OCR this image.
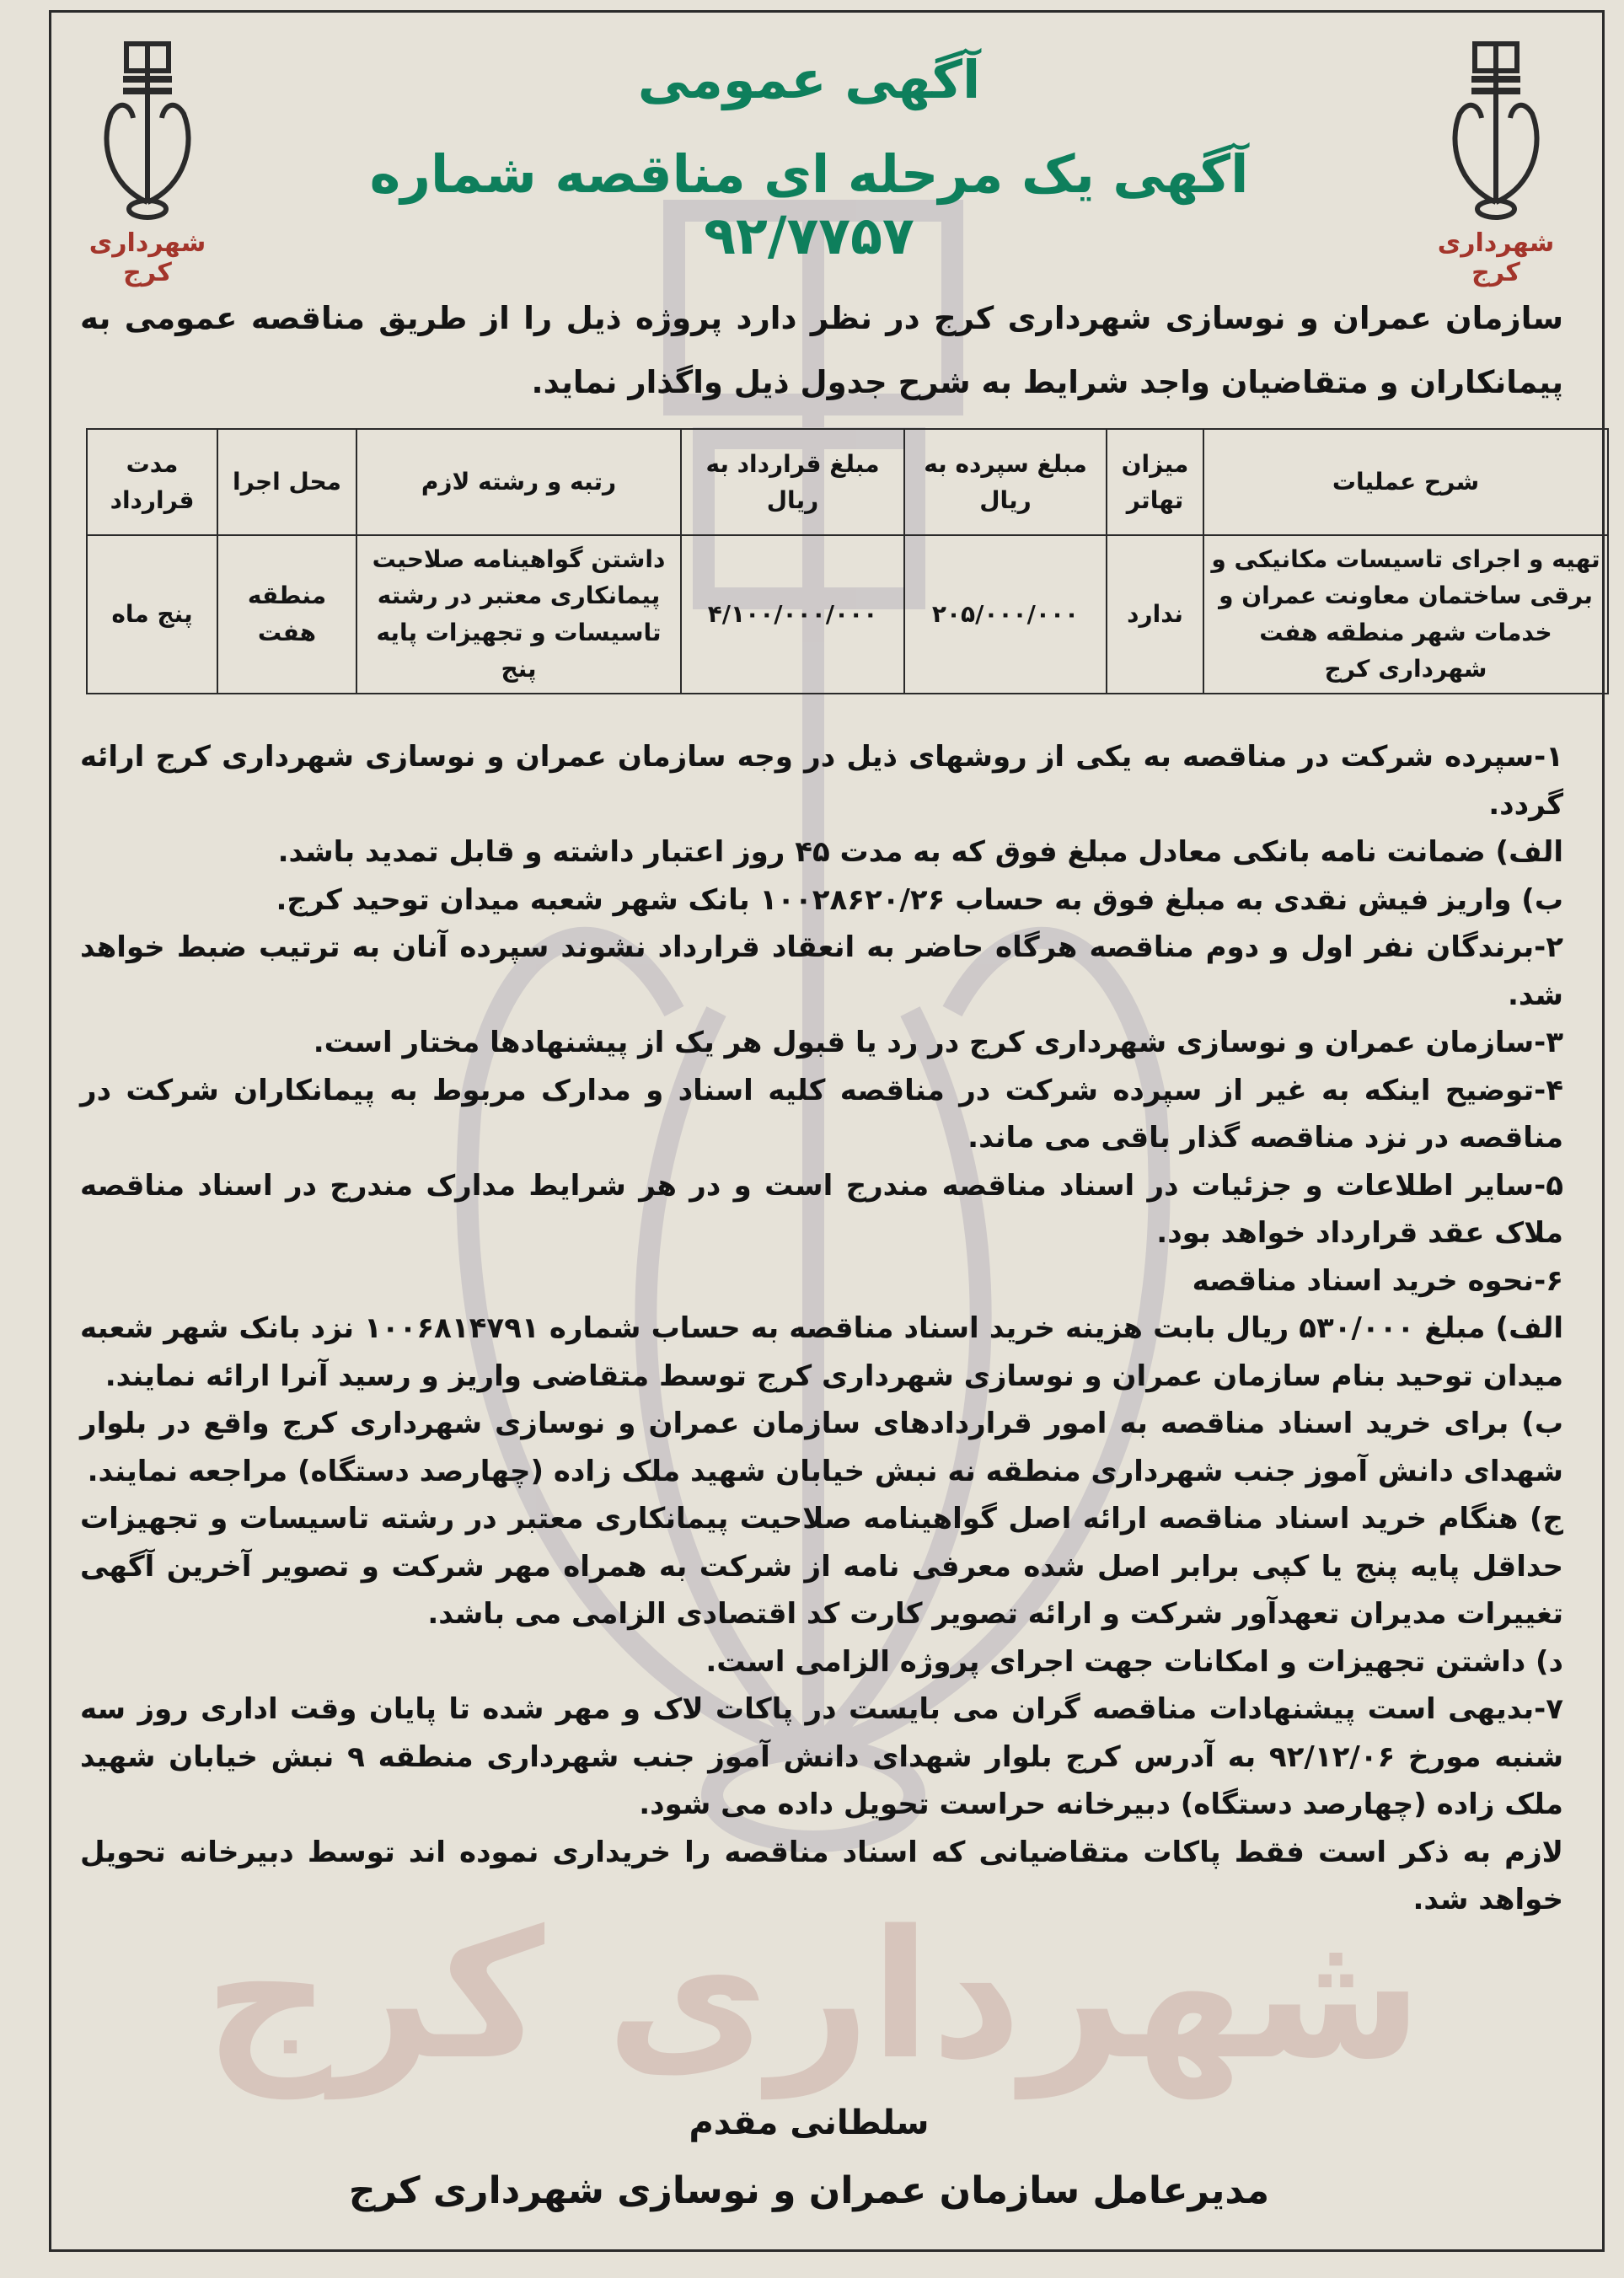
شهرداری کرج
شهرداری کرج
شهرداری کرج
آگهی عمومی
آگهی یک مرحله ای مناقصه شماره ۹۲/۷۷۵۷
سازمان عمران و نوسازی شهرداری کرج در نظر دارد پروژه ذیل را از طریق مناقصه عمومی به پیمانکاران و متقاضیان واجد شرایط به شرح جدول ذیل واگذار نماید.
شرح عملیات	میزان تهاتر	مبلغ سپرده به ریال	مبلغ قرارداد به ریال	رتبه و رشته لازم	محل اجرا	مدت قرارداد
تهیه و اجرای تاسیسات مکانیکی و برقی ساختمان معاونت عمران و خدمات شهر منطقه هفت شهرداری کرج	ندارد	۲۰۵/۰۰۰/۰۰۰	۴/۱۰۰/۰۰۰/۰۰۰	داشتن گواهینامه صلاحیت پیمانکاری معتبر در رشته تاسیسات و تجهیزات پایه پنج	منطقه هفت	پنج ماه

۱-سپرده شرکت در مناقصه به یکی از روشهای ذیل در وجه سازمان عمران و نوسازی شهرداری کرج ارائه گردد.

الف) ضمانت نامه بانکی معادل مبلغ فوق که به مدت ۴۵ روز اعتبار داشته و قابل تمدید باشد.

ب) واریز فیش نقدی به مبلغ فوق به حساب ۱۰۰۲۸۶۲۰/۲۶ بانک شهر شعبه میدان توحید کرج.

۲-برندگان نفر اول و دوم مناقصه هرگاه حاضر به انعقاد قرارداد نشوند سپرده آنان به ترتیب ضبط خواهد شد.

۳-سازمان عمران و نوسازی شهرداری کرج در رد یا قبول هر یک از پیشنهادها مختار است.

۴-توضیح اینکه به غیر از سپرده شرکت در مناقصه کلیه اسناد و مدارک مربوط به پیمانکاران شرکت در مناقصه در نزد مناقصه گذار باقی می ماند.

۵-سایر اطلاعات و جزئیات در اسناد مناقصه مندرج است و در هر شرایط مدارک مندرج در اسناد مناقصه ملاک عقد قرارداد خواهد بود.

۶-نحوه خرید اسناد مناقصه

الف) مبلغ ۵۳۰/۰۰۰ ریال بابت هزینه خرید اسناد مناقصه به حساب شماره ۱۰۰۶۸۱۴۷۹۱ نزد بانک شهر شعبه میدان توحید بنام سازمان عمران و نوسازی شهرداری کرج توسط متقاضی واریز و رسید آنرا ارائه نمایند.

ب) برای خرید اسناد مناقصه به امور قراردادهای سازمان عمران و نوسازی شهرداری کرج واقع در بلوار شهدای دانش آموز جنب شهرداری منطقه نه نبش خیابان شهید ملک زاده (چهارصد دستگاه) مراجعه نمایند.

ج) هنگام خرید اسناد مناقصه ارائه اصل گواهینامه صلاحیت پیمانکاری معتبر در رشته تاسیسات و تجهیزات حداقل پایه پنج یا کپی برابر اصل شده معرفی نامه از شرکت به همراه مهر شرکت و تصویر آخرین آگهی تغییرات مدیران تعهدآور شرکت و ارائه تصویر کارت کد اقتصادی الزامی می باشد.

د) داشتن تجهیزات و امکانات جهت اجرای پروژه الزامی است.

۷-بدیهی است پیشنهادات مناقصه گران می بایست در پاکات لاک و مهر شده تا پایان وقت اداری روز سه شنبه مورخ ۹۲/۱۲/۰۶ به آدرس کرج بلوار شهدای دانش آموز جنب شهرداری منطقه ۹ نبش خیابان شهید ملک زاده (چهارصد دستگاه) دبیرخانه حراست تحویل داده می شود.

لازم به ذکر است فقط پاکات متقاضیانی که اسناد مناقصه را خریداری نموده اند توسط دبیرخانه تحویل خواهد شد.

سلطانی مقدم
مدیرعامل سازمان عمران و نوسازی شهرداری کرج
